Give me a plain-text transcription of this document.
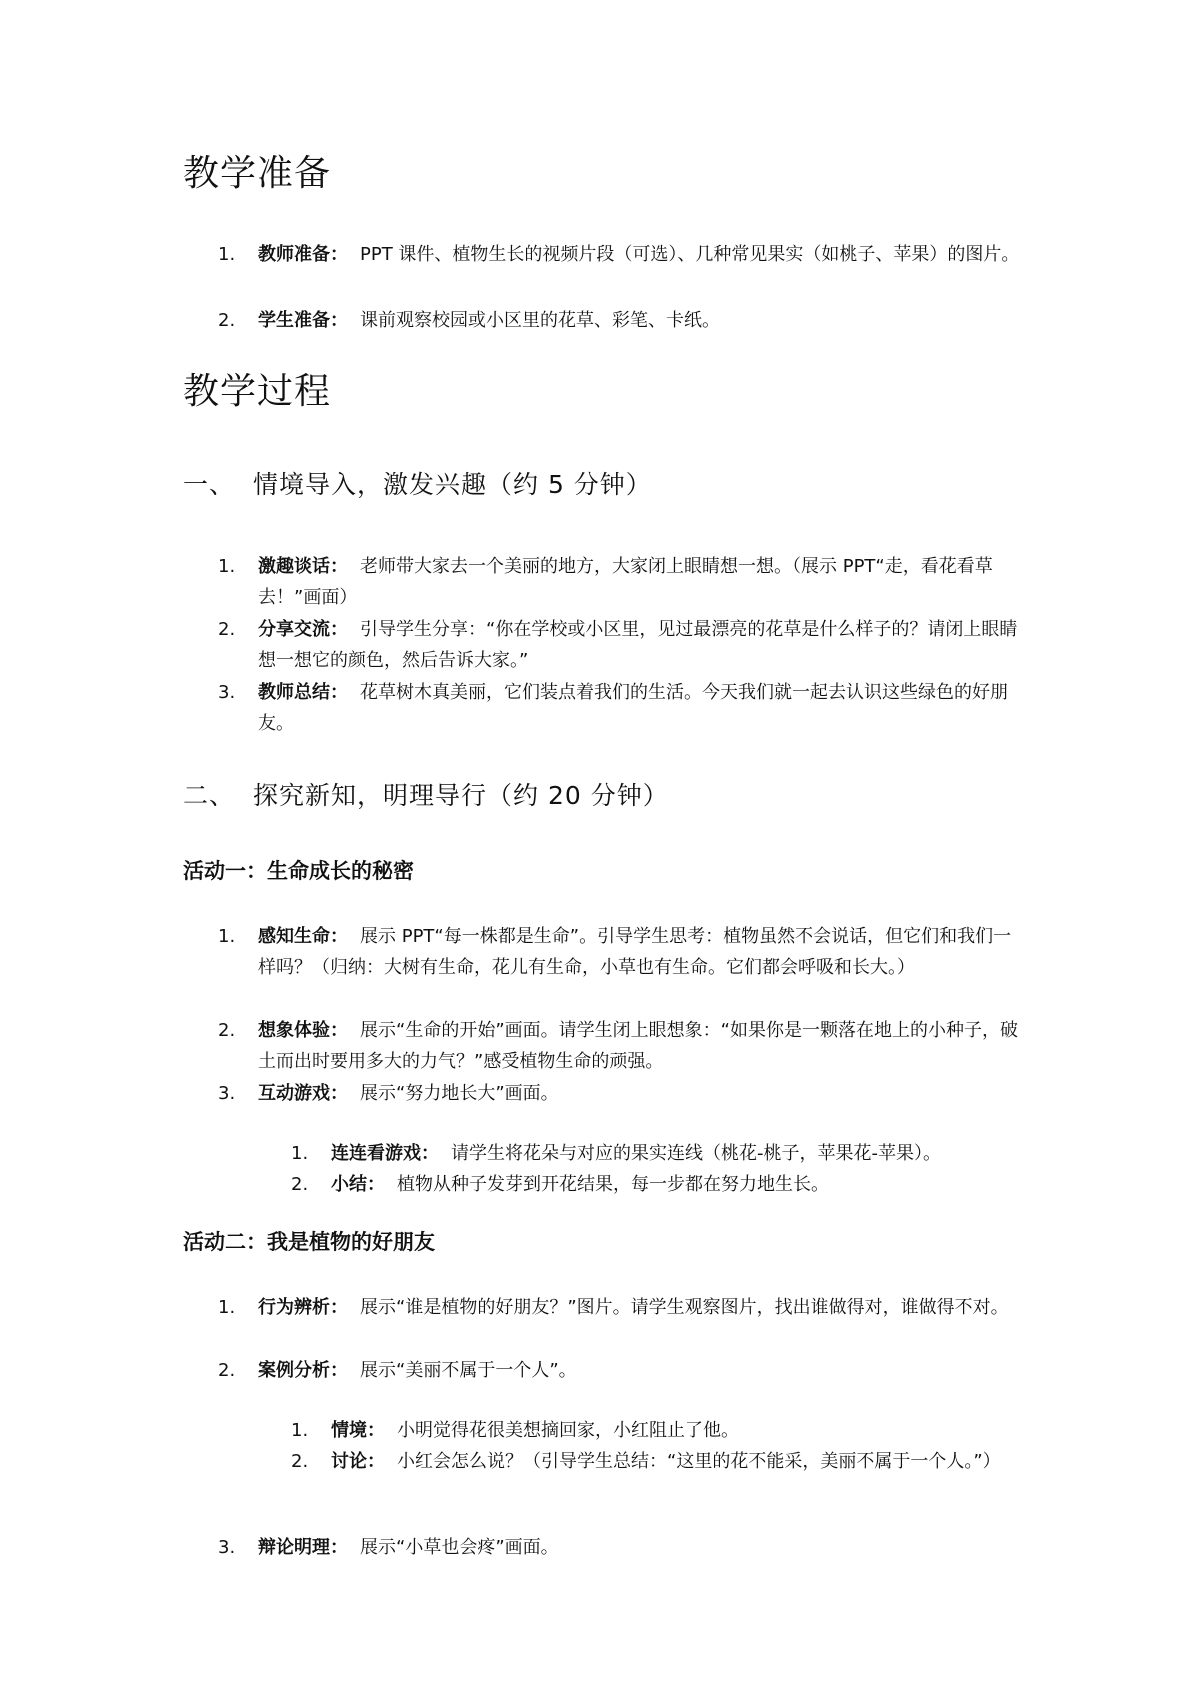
教学准备
1.	教师准备： PPT 课件、植物生长的视频片段（可选）、几种常见果实（如桃子、苹果）的图片。
2.	学生准备： 课前观察校园或小区里的花草、彩笔、卡纸。
教学过程
一、 情境导入，激发兴趣（约 5 分钟）
1.	激趣谈话： 老师带大家去一个美丽的地方，大家闭上眼睛想一想。（展示 PPT“走，看花看草去！”画面）
2.	分享交流： 引导学生分享：“你在学校或小区里，见过最漂亮的花草是什么样子的？请闭上眼睛想一想它的颜色，然后告诉大家。”
3.	教师总结： 花草树木真美丽，它们装点着我们的生活。今天我们就一起去认识这些绿色的好朋友。
二、 探究新知，明理导行（约 20 分钟）
活动一：生命成长的秘密
1.	感知生命： 展示 PPT“每一株都是生命”。引导学生思考：植物虽然不会说话，但它们和我们一样吗？（归纳：大树有生命，花儿有生命，小草也有生命。它们都会呼吸和长大。）
2.	想象体验： 展示“生命的开始”画面。请学生闭上眼想象：“如果你是一颗落在地上的小种子，破土而出时要用多大的力气？”感受植物生命的顽强。
3.	互动游戏： 展示“努力地长大”画面。
1.	连连看游戏： 请学生将花朵与对应的果实连线（桃花-桃子，苹果花-苹果）。
2.	小结： 植物从种子发芽到开花结果，每一步都在努力地生长。
活动二：我是植物的好朋友
1.	行为辨析： 展示“谁是植物的好朋友？”图片。请学生观察图片，找出谁做得对，谁做得不对。
2.	案例分析： 展示“美丽不属于一个人”。
1.	情境： 小明觉得花很美想摘回家，小红阻止了他。
2.	讨论： 小红会怎么说？（引导学生总结：“这里的花不能采，美丽不属于一个人。”）
3.	辩论明理： 展示“小草也会疼”画面。
